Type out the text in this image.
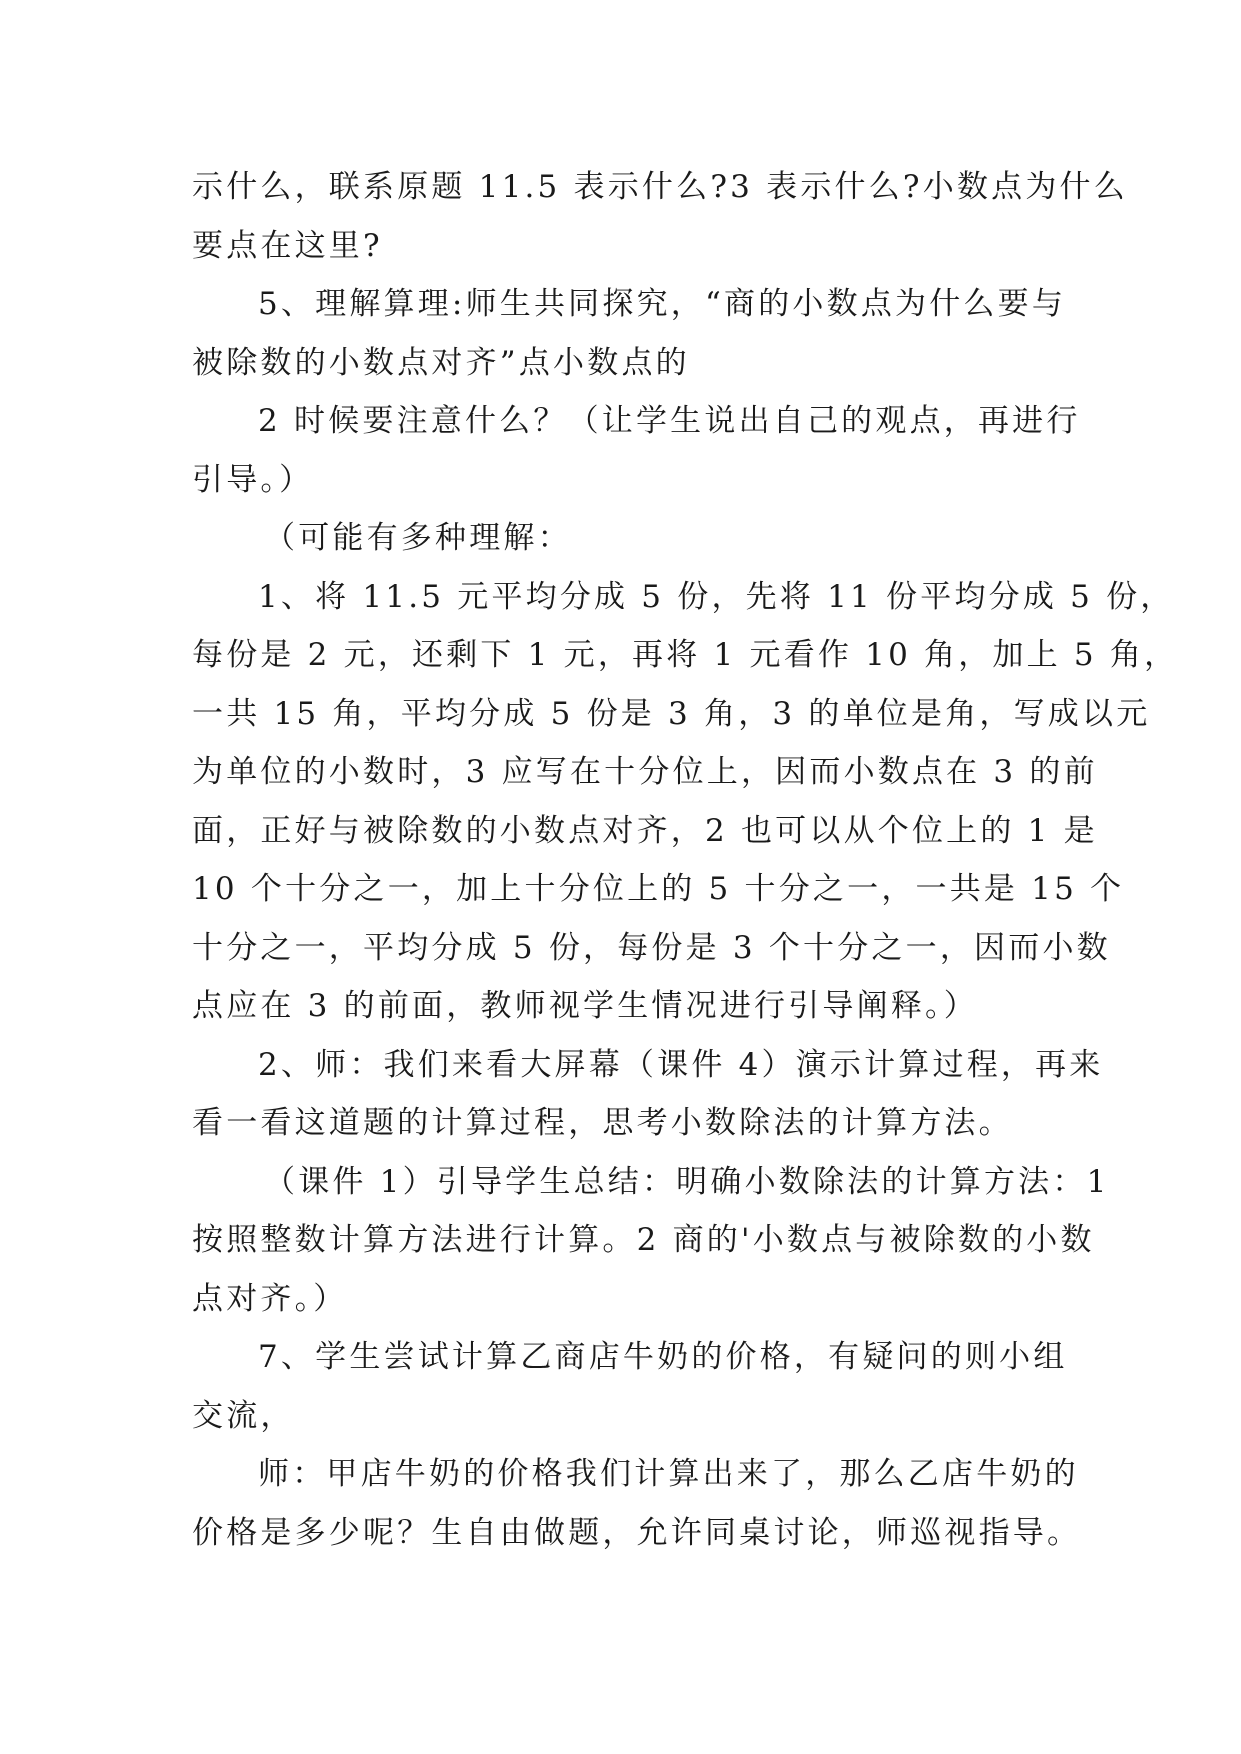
示什么，联系原题 11.5 表示什么?3 表示什么?小数点为什么
要点在这里?

5、理解算理:师生共同探究，“商的小数点为什么要与
被除数的小数点对齐”点小数点的

2 时候要注意什么？（让学生说出自己的观点，再进行
引导。）

（可能有多种理解：

1、将 11.5 元平均分成 5 份，先将 11 份平均分成 5 份，
每份是 2 元，还剩下 1 元，再将 1 元看作 10 角，加上 5 角，
一共 15 角，平均分成 5 份是 3 角，3 的单位是角，写成以元
为单位的小数时，3 应写在十分位上，因而小数点在 3 的前
面，正好与被除数的小数点对齐，2 也可以从个位上的 1 是
10 个十分之一，加上十分位上的 5 十分之一，一共是 15 个
十分之一，平均分成 5 份，每份是 3 个十分之一，因而小数
点应在 3 的前面，教师视学生情况进行引导阐释。）

2、师：我们来看大屏幕（课件 4）演示计算过程，再来
看一看这道题的计算过程，思考小数除法的计算方法。

（课件 1）引导学生总结：明确小数除法的计算方法：1
按照整数计算方法进行计算。2 商的'小数点与被除数的小数
点对齐。）

7、学生尝试计算乙商店牛奶的价格，有疑问的则小组
交流，

师：甲店牛奶的价格我们计算出来了，那么乙店牛奶的
价格是多少呢？生自由做题，允许同桌讨论，师巡视指导。
